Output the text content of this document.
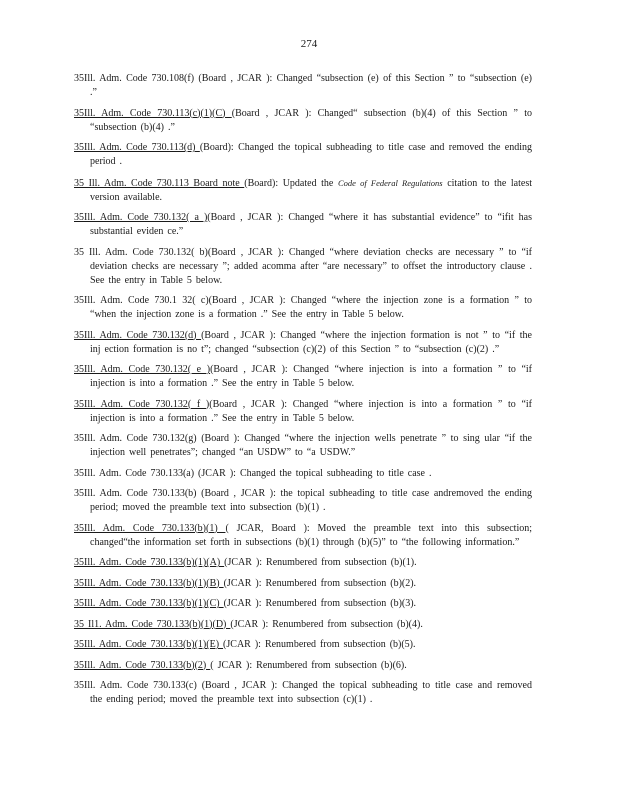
274

35Ill. Adm. Code 730.108(f) (Board , JCAR ): Changed “subsection (e) of this Section ” to “subsection (e) .”

35Ill. Adm. Code 730.113(c)(1)(C) (Board , JCAR ): Changed“ subsection (b)(4) of this Section ” to “subsection (b)(4) .”

35Ill. Adm. Code 730.113(d) (Board): Changed the topical subheading to title case and removed the ending period .

35 Ill. Adm. Code 730.113 Board note (Board): Updated the Code of Federal Regulations citation to the latest version available.

35Ill. Adm. Code 730.132( a )(Board , JCAR ): Changed “where it has substantial evidence” to “ifit has substantial eviden ce.”

35 Ill. Adm. Code 730.132( b)(Board , JCAR ): Changed “where deviation checks are necessary ” to “if deviation checks are necessary ”; added acomma after “are necessary” to offset the introductory clause . See the entry in Table 5 below.

35Ill. Adm. Code 730.1 32( c)(Board , JCAR ): Changed “where the injection zone is a formation ” to “when the injection zone is a formation .” See the entry in Table 5 below.

35Ill. Adm. Code 730.132(d) (Board , JCAR ): Changed “where the injection formation is not ” to “if the inj ection formation is no t”; changed “subsection (c)(2) of this Section ” to “subsection (c)(2) .”

35Ill. Adm. Code 730.132( e )(Board , JCAR ): Changed “where injection is into a formation ” to “if injection is into a formation .” See the entry in Table 5 below.

35Ill. Adm. Code 730.132( f )(Board , JCAR ): Changed “where injection is into a formation ” to “if injection is into a formation .” See the entry in Table 5 below.

35Ill. Adm. Code 730.132(g) (Board ): Changed “where the injection wells penetrate ” to sing ular “if the injection well penetrates”; changed “an USDW” to “a USDW.”

35Ill. Adm. Code 730.133(a) (JCAR ): Changed the topical subheading to title case .

35Ill. Adm. Code 730.133(b) (Board , JCAR ): the topical subheading to title case andremoved the ending period; moved the preamble text into subsection (b)(1) .

35Ill. Adm. Code 730.133(b)(1) ( JCAR, Board ): Moved the preamble text into this subsection; changed“the information set forth in subsections (b)(1) through (b)(5)” to “the following information.”

35Ill. Adm. Code 730.133(b)(1)(A) (JCAR ): Renumbered from subsection (b)(1).

35Ill. Adm. Code 730.133(b)(1)(B) (JCAR ): Renumbered from subsection (b)(2).

35Ill. Adm. Code 730.133(b)(1)(C) (JCAR ): Renumbered from subsection (b)(3).

35 Il1. Adm. Code 730.133(b)(1)(D) (JCAR ): Renumbered from subsection (b)(4).

35Ill. Adm. Code 730.133(b)(1)(E) (JCAR ): Renumbered from subsection (b)(5).

35Ill. Adm. Code 730.133(b)(2) ( JCAR ): Renumbered from subsection (b)(6).

35Ill. Adm. Code 730.133(c) (Board , JCAR ): Changed the topical subheading to title case and removed the ending period; moved the preamble text into subsection (c)(1) .
